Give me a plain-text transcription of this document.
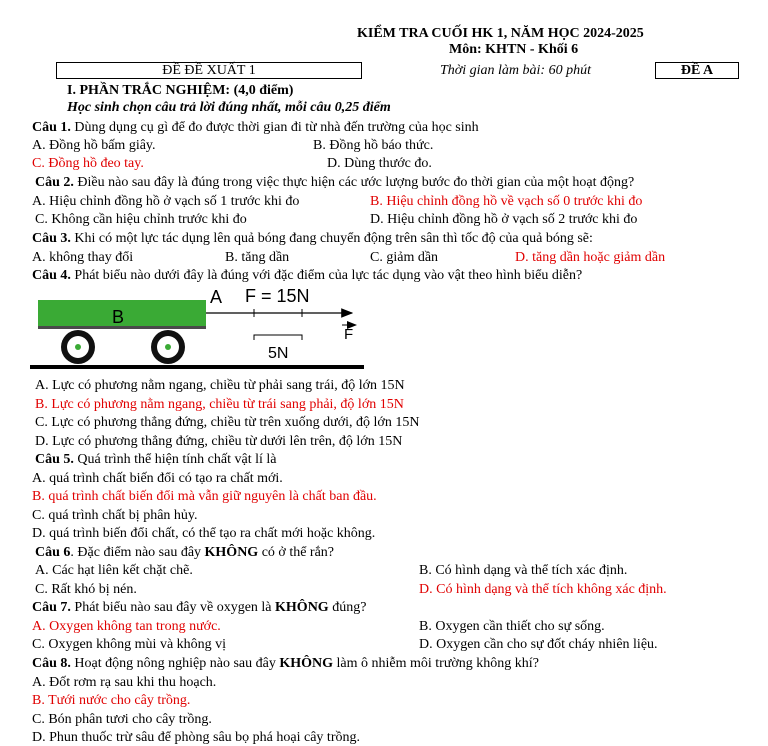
KIỂM TRA CUỐI HK 1, NĂM HỌC 2024-2025
Môn: KHTN - Khối 6
ĐỀ ĐỀ XUẤT 1	Thời gian làm bài: 60 phút	ĐỀ A
I. PHẦN TRẮC NGHIỆM: (4,0 điểm)
Học sinh chọn câu trả lời đúng nhất, mỗi câu 0,25 điểm
Câu 1. Dùng dụng cụ gì để đo được thời gian đi từ nhà đến trường của học sinh
A. Đồng hồ bấm giây.	B. Đồng hồ báo thức.
C. Đồng hồ đeo tay.	D. Dùng thước đo.
Câu 2. Điều nào sau đây là đúng trong việc thực hiện các ước lượng bước đo thời gian của một hoạt động?
A. Hiệu chỉnh đồng hồ ở vạch số 1 trước khi đo	B. Hiệu chỉnh đồng hồ về vạch số 0 trước khi đo
C. Không cần hiệu chỉnh trước khi đo	D. Hiệu chỉnh đồng hồ ở vạch số 2 trước khi đo
Câu 3. Khi có một lực tác dụng lên quả bóng đang chuyển động trên sân thì tốc độ của quả bóng sẽ:
A. không thay đổi	B. tăng dần	C. giảm dần	D. tăng dần hoặc giảm dần
Câu 4. Phát biểu nào dưới đây là đúng với đặc điểm của lực tác dụng vào vật theo hình biểu diễn?
B
A F = 15N
F
5N
A. Lực có phương nằm ngang, chiều từ phải sang trái, độ lớn 15N
B. Lực có phương nằm ngang, chiều từ trái sang phải, độ lớn 15N
C. Lực có phương thẳng đứng, chiều từ trên xuống dưới, độ lớn 15N
D. Lực có phương thẳng đứng, chiều từ dưới lên trên, độ lớn 15N
Câu 5. Quá trình thể hiện tính chất vật lí là
A. quá trình chất biến đổi có tạo ra chất mới.
B. quá trình chất biến đổi mà vẫn giữ nguyên là chất ban đầu.
C. quá trình chất bị phân hủy.
D. quá trình biến đổi chất, có thể tạo ra chất mới hoặc không.
Câu 6. Đặc điểm nào sau đây KHÔNG có ở thể rắn?
A. Các hạt liên kết chặt chẽ.	B. Có hình dạng và thể tích xác định.
C. Rất khó bị nén.	D. Có hình dạng và thể tích không xác định.
Câu 7. Phát biểu nào sau đây về oxygen là KHÔNG đúng?
A. Oxygen không tan trong nước.	B. Oxygen cần thiết cho sự sống.
C. Oxygen không mùi và không vị	D. Oxygen cần cho sự đốt cháy nhiên liệu.
Câu 8. Hoạt động nông nghiệp nào sau đây KHÔNG làm ô nhiễm môi trường không khí?
A. Đốt rơm rạ sau khi thu hoạch.
B. Tưới nước cho cây trồng.
C. Bón phân tươi cho cây trồng.
D. Phun thuốc trừ sâu để phòng sâu bọ phá hoại cây trồng.
